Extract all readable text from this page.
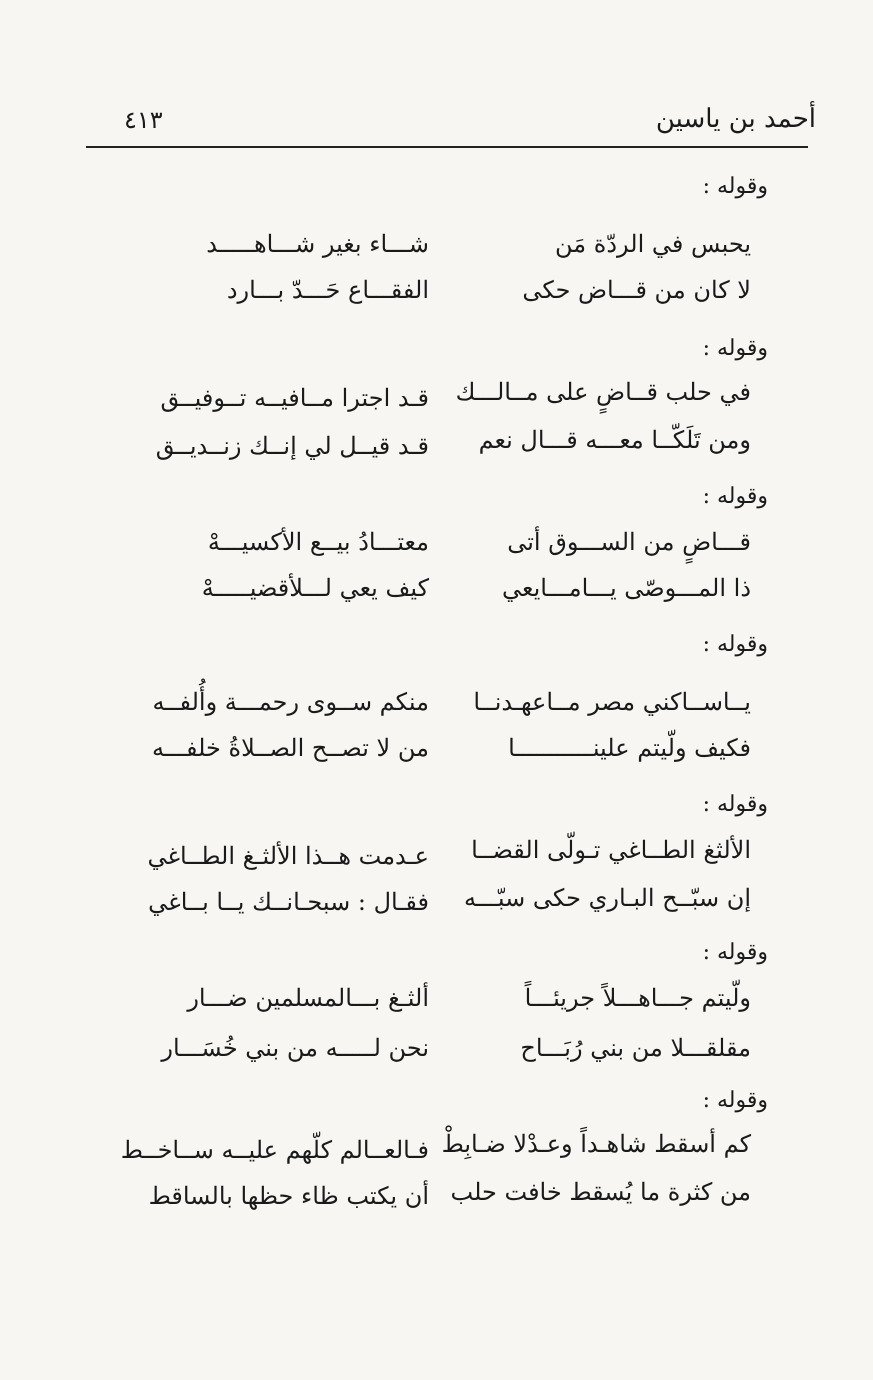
أحمد بن ياسين
٤١٣
وقوله :
يحبس في الردّة مَن
شـــاء بغير شـــاهـــــد
لا كان من قـــاض حكى
الفقـــاع حَـــدّ بـــارد
وقوله :
في حلب قــاضٍ على مــالـــك
قـد اجترا مــافيــه تــوفيــق
ومن تَلَكّــا معـــه قـــال نعم
قـد قيــل لي إنــك زنــديــق
وقوله :
قـــاضٍ من الســـوق أتى
معتـــادُ بيــع الأكسيـــهْ
ذا المـــوصّى يـــامـــايعي
كيف يعي لـــلأقضيـــــهْ
وقوله :
يــاســاكني مصر مــاعهـدنــا
منكم ســوى رحمـــة وأُلفــه
فكيف ولّيتم علينـــــــــــا
من لا تصــح الصــلاةُ خلفـــه
وقوله :
الألثغ الطــاغي تـولّى القضــا
عـدمت هــذا الألثـغ الطــاغي
إن سبّــح البـاري حكى سبّـــه
فقـال : سبحـانــك يــا بــاغي
وقوله :
ولّيتم جـــاهـــلاً جريئـــاً
ألثـغ بـــالمسلمين ضـــار
مقلقـــلا من بني رُبَـــاح
نحن لـــــه من بني خُسَـــار
وقوله :
كم أسقط شاهـداً وعـدْلا ضـابِطْ
فـالعــالم كلّهم عليــه ســاخــط
من كثرة ما يُسقط خافت حلب
أن يكتب ظاء حظها بالساقط
